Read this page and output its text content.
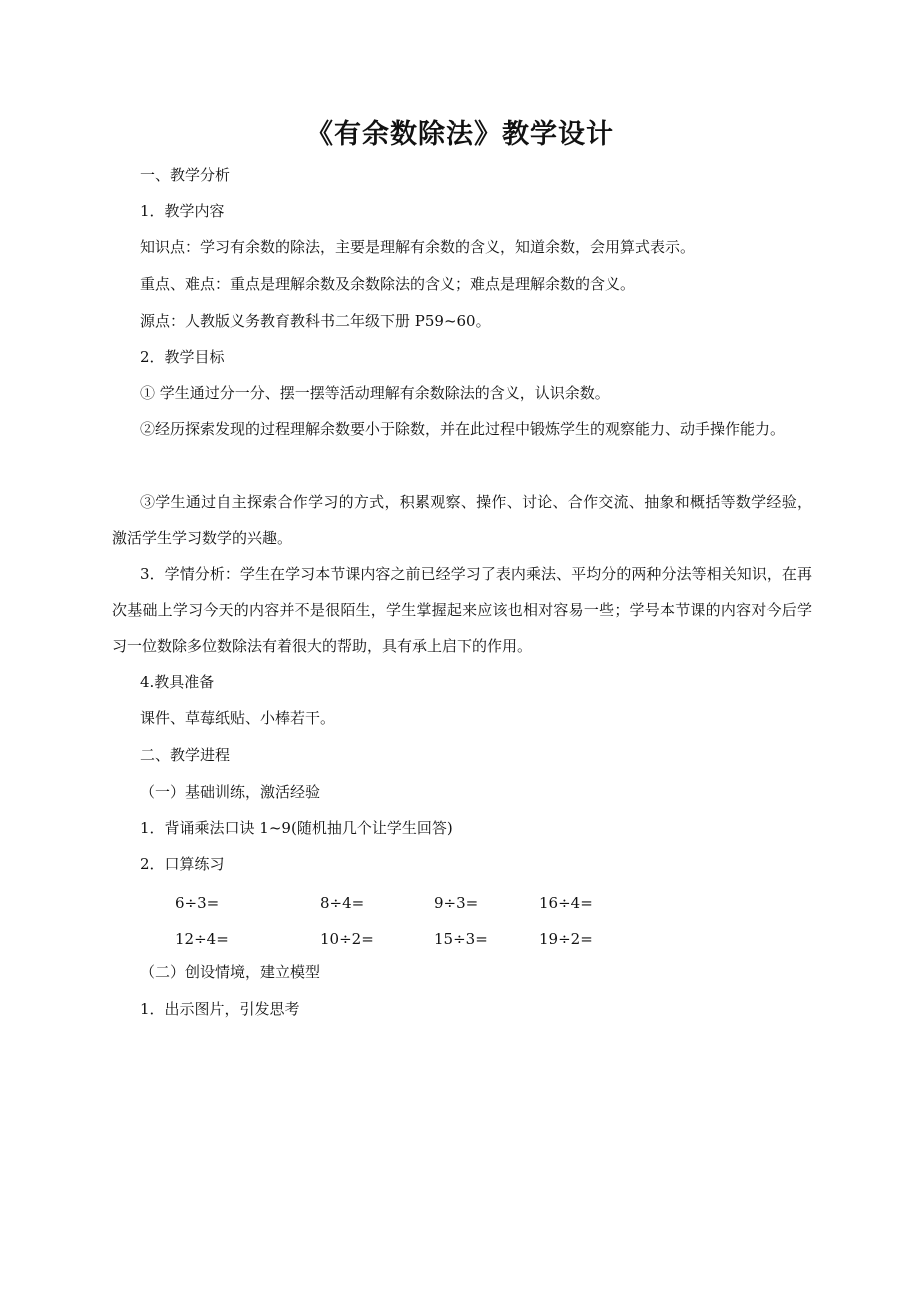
《有余数除法》教学设计
一、教学分析
1．教学内容
知识点：学习有余数的除法，主要是理解有余数的含义，知道余数，会用算式表示。
重点、难点：重点是理解余数及余数除法的含义；难点是理解余数的含义。
源点：人教版义务教育教科书二年级下册 P59~60。
2．教学目标
① 学生通过分一分、摆一摆等活动理解有余数除法的含义，认识余数。
②经历探索发现的过程理解余数要小于除数，并在此过程中锻炼学生的观察能力、动手操作能力。
③学生通过自主探索合作学习的方式，积累观察、操作、讨论、合作交流、抽象和概括等数学经验，激活学生学习数学的兴趣。
3．学情分析：学生在学习本节课内容之前已经学习了表内乘法、平均分的两种分法等相关知识，在再次基础上学习今天的内容并不是很陌生，学生掌握起来应该也相对容易一些；学号本节课的内容对今后学习一位数除多位数除法有着很大的帮助，具有承上启下的作用。
4.教具准备
课件、草莓纸贴、小棒若干。
二、教学进程
（一）基础训练，激活经验
1．背诵乘法口诀 1~9(随机抽几个让学生回答)
2．口算练习
6÷3=	8÷4=	9÷3=	16÷4=
12÷4=	10÷2=	15÷3=	19÷2=
（二）创设情境，建立模型
1．出示图片，引发思考
